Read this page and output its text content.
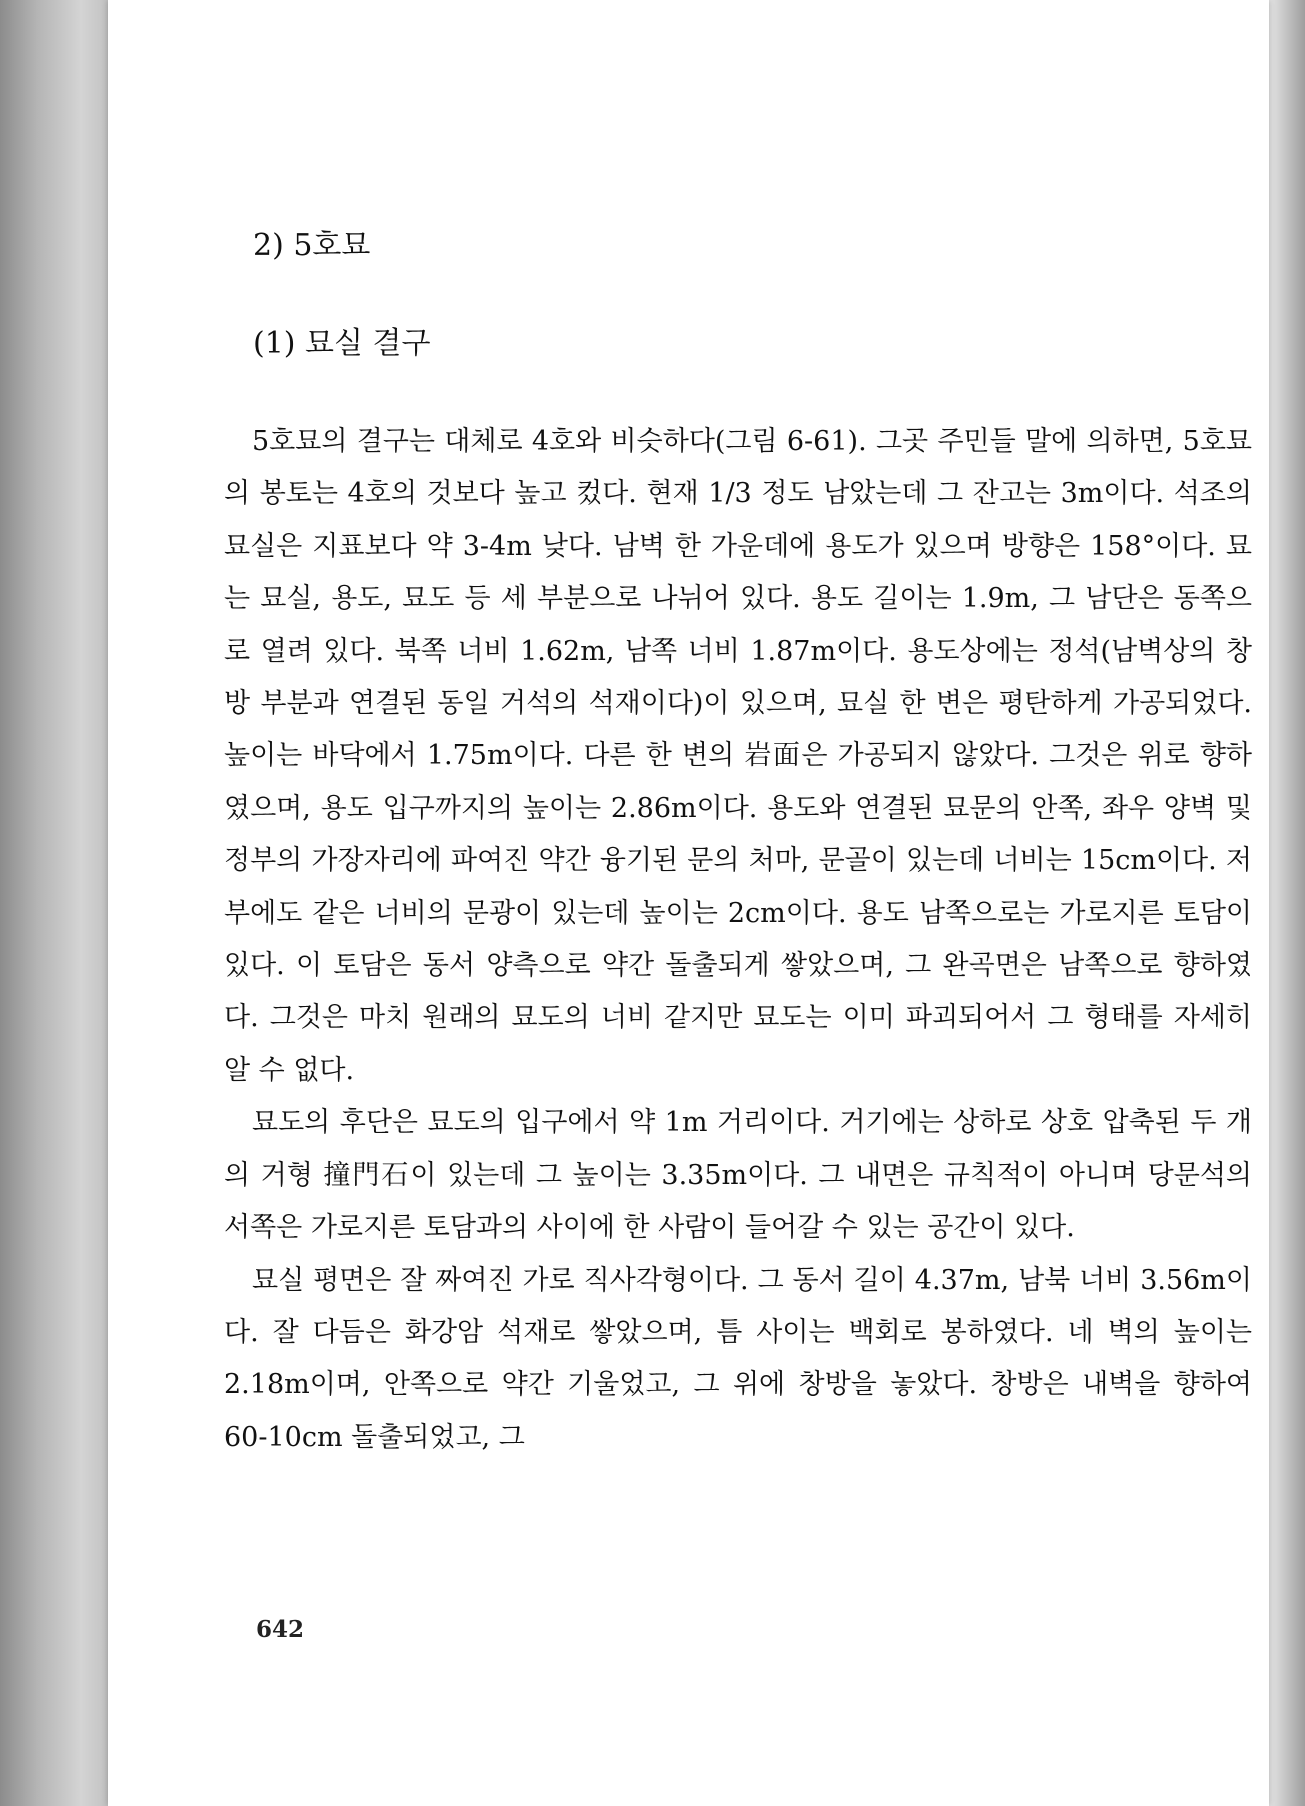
2) 5호묘
(1) 묘실 결구

5호묘의 결구는 대체로 4호와 비슷하다(그림 6-61). 그곳 주민들 말에 의하면, 5호묘의 봉토는 4호의 것보다 높고 컸다. 현재 1/3 정도 남았는데 그 잔고는 3m이다. 석조의 묘실은 지표보다 약 3-4m 낮다. 남벽 한 가운데에 용도가 있으며 방향은 158°이다. 묘는 묘실, 용도, 묘도 등 세 부분으로 나뉘어 있다. 용도 길이는 1.9m, 그 남단은 동쪽으로 열려 있다. 북쪽 너비 1.62m, 남쪽 너비 1.87m이다. 용도상에는 정석(남벽상의 창방 부분과 연결된 동일 거석의 석재이다)이 있으며, 묘실 한 변은 평탄하게 가공되었다. 높이는 바닥에서 1.75m이다. 다른 한 변의 岩面은 가공되지 않았다. 그것은 위로 향하였으며, 용도 입구까지의 높이는 2.86m이다. 용도와 연결된 묘문의 안쪽, 좌우 양벽 및 정부의 가장자리에 파여진 약간 융기된 문의 처마, 문골이 있는데 너비는 15cm이다. 저부에도 같은 너비의 문광이 있는데 높이는 2cm이다. 용도 남쪽으로는 가로지른 토담이 있다. 이 토담은 동서 양측으로 약간 돌출되게 쌓았으며, 그 완곡면은 남쪽으로 향하였다. 그것은 마치 원래의 묘도의 너비 같지만 묘도는 이미 파괴되어서 그 형태를 자세히 알 수 없다.

묘도의 후단은 묘도의 입구에서 약 1m 거리이다. 거기에는 상하로 상호 압축된 두 개의 거형 撞門石이 있는데 그 높이는 3.35m이다. 그 내면은 규칙적이 아니며 당문석의 서쪽은 가로지른 토담과의 사이에 한 사람이 들어갈 수 있는 공간이 있다.

묘실 평면은 잘 짜여진 가로 직사각형이다. 그 동서 길이 4.37m, 남북 너비 3.56m이다. 잘 다듬은 화강암 석재로 쌓았으며, 틈 사이는 백회로 봉하였다. 네 벽의 높이는 2.18m이며, 안쪽으로 약간 기울었고, 그 위에 창방을 놓았다. 창방은 내벽을 향하여 60-10cm 돌출되었고, 그

642
